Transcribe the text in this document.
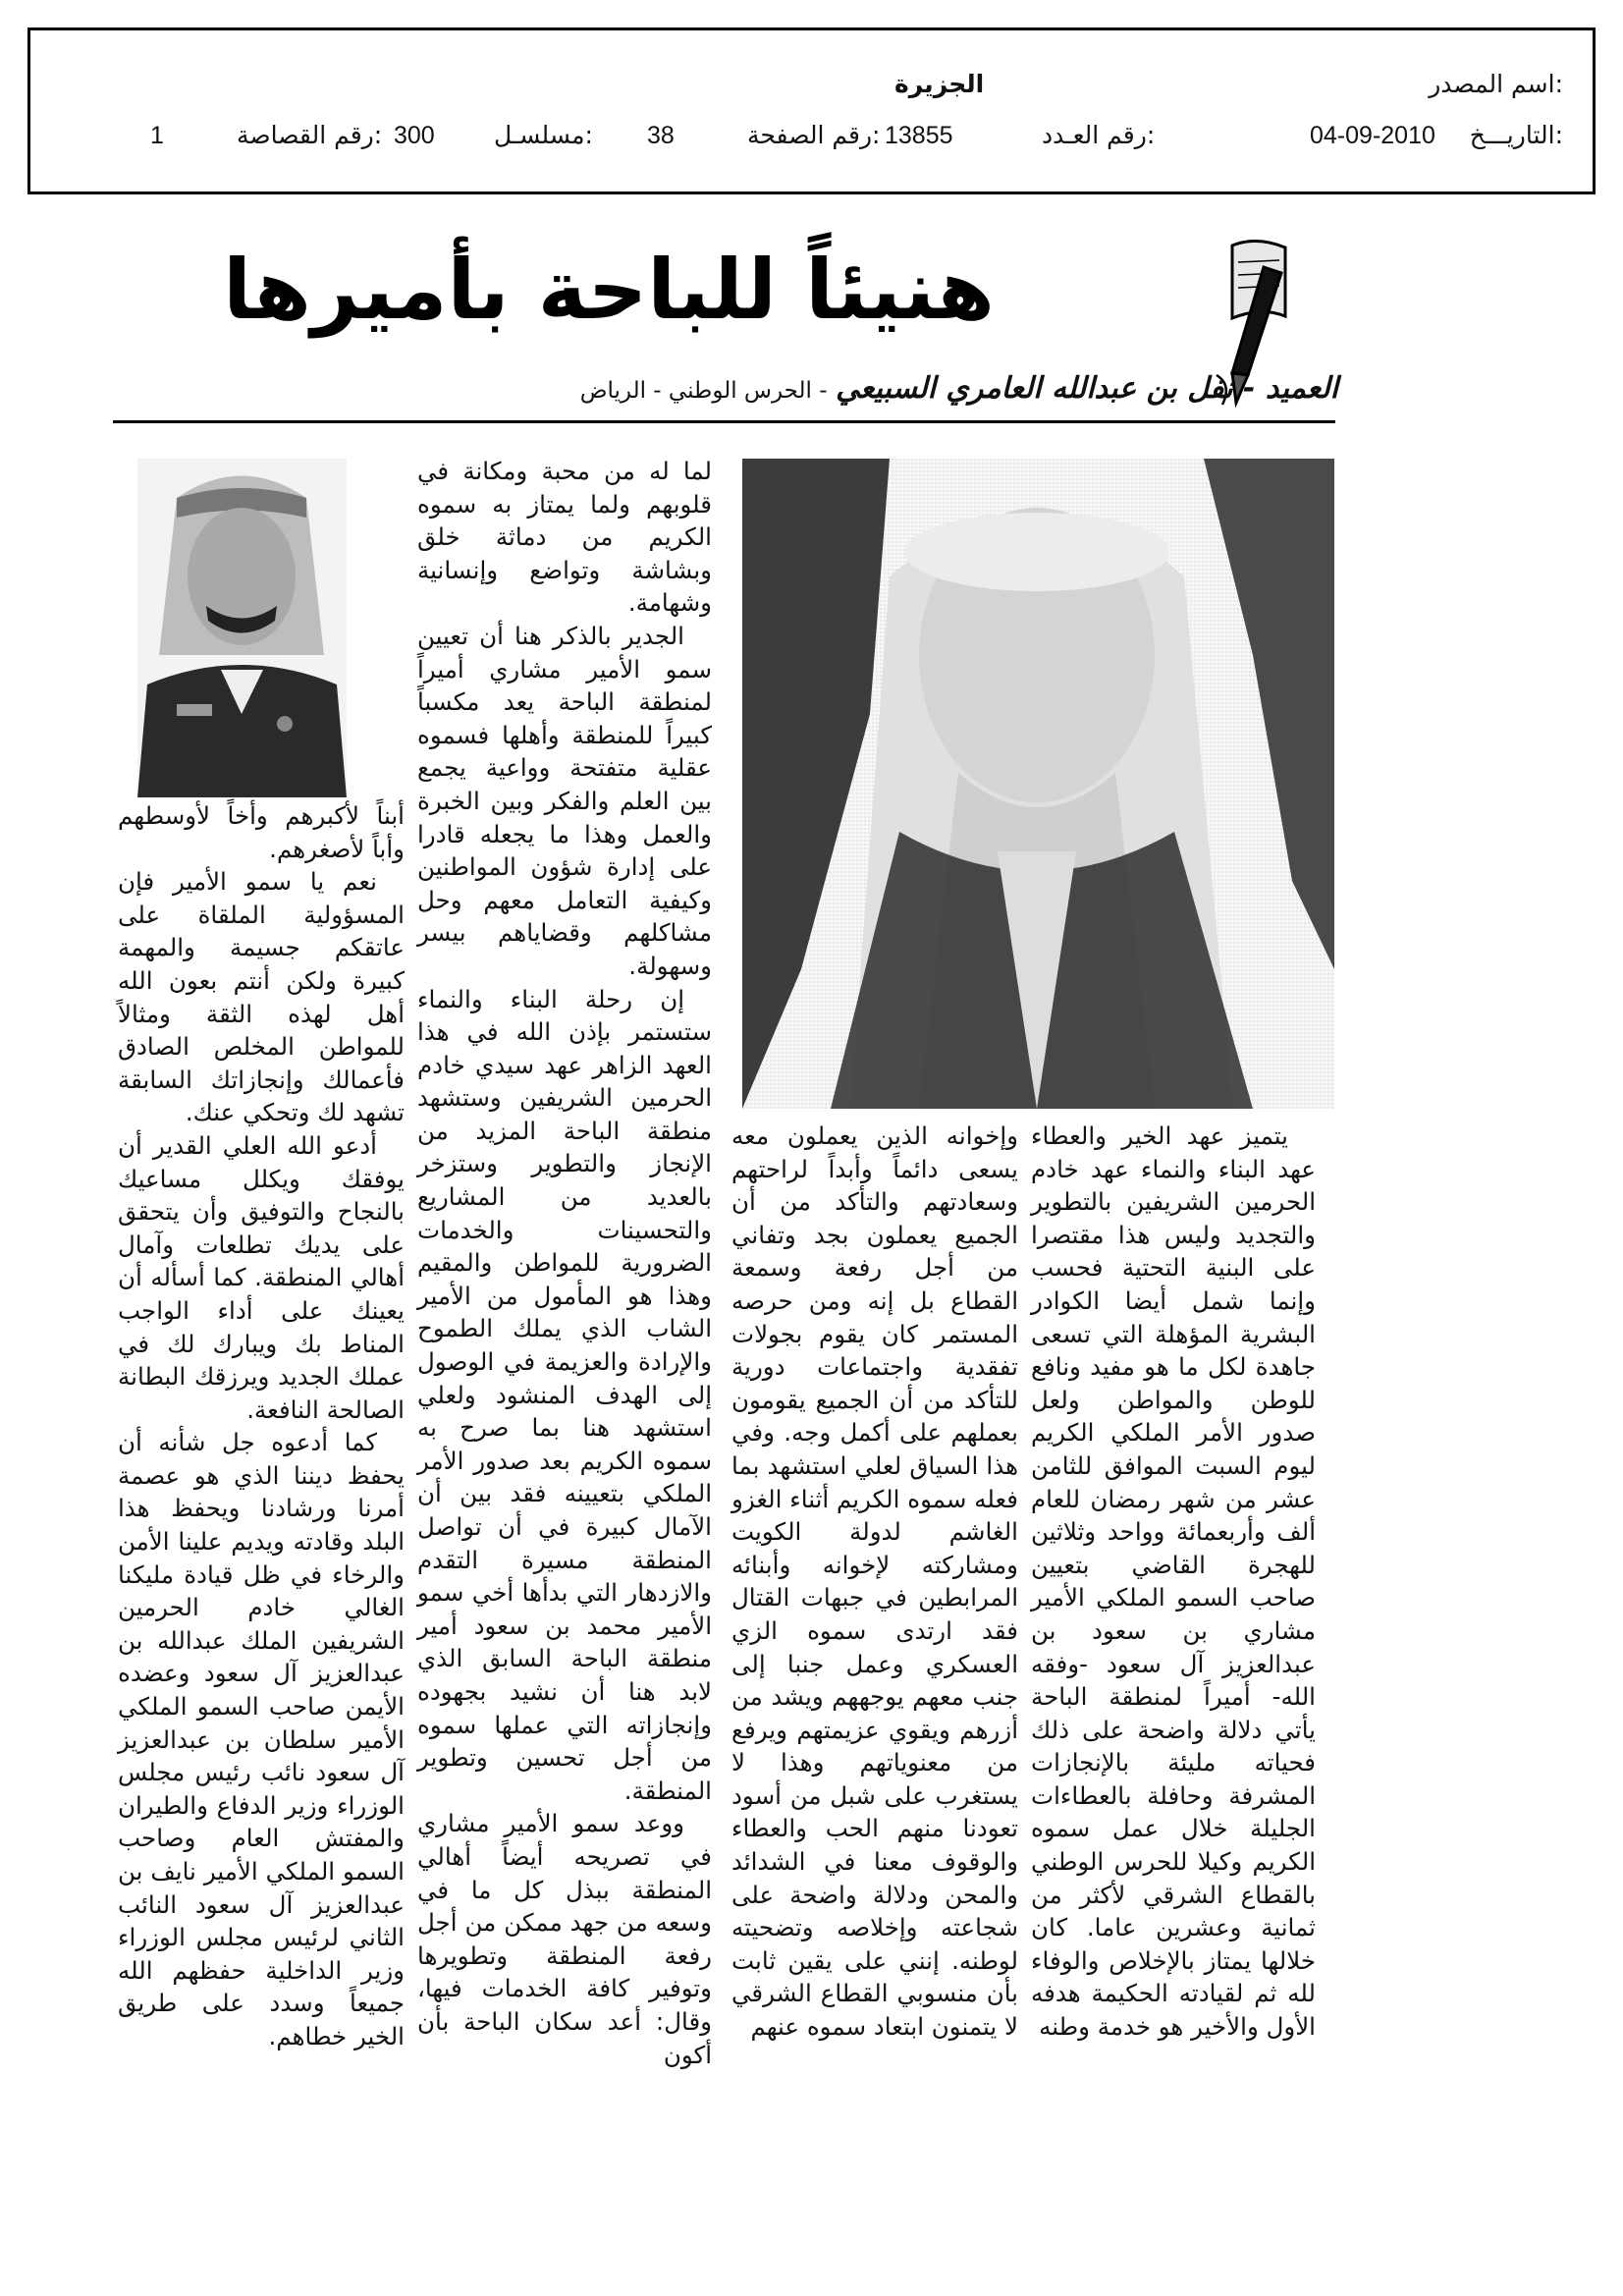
اسم المصدر:
الجزيرة
التاريـــخ:
04-09-2010
رقم العـدد:
13855
رقم الصفحة:
38
مسلسـل:
300
رقم القصاصة:
1
هنيئاً للباحة بأميرها
العميد - نفل بن عبدالله العامري السبيعي - الحرس الوطني - الرياض

يتميز عهد الخير والعطاء عهد البناء والنماء عهد خادم الحرمين الشريفين بالتطوير والتجديد وليس هذا مقتصرا على البنية التحتية فحسب وإنما شمل أيضا الكوادر البشرية المؤهلة التي تسعى جاهدة لكل ما هو مفيد ونافع للوطن والمواطن ولعل صدور الأمر الملكي الكريم ليوم السبت الموافق للثامن عشر من شهر رمضان للعام ألف وأربعمائة وواحد وثلاثين للهجرة القاضي بتعيين صاحب السمو الملكي الأمير مشاري بن سعود بن عبدالعزيز آل سعود -وفقه الله- أميراً لمنطقة الباحة يأتي دلالة واضحة على ذلك فحياته مليئة بالإنجازات المشرفة وحافلة بالعطاءات الجليلة خلال عمل سموه الكريم وكيلا للحرس الوطني بالقطاع الشرقي لأكثر من ثمانية وعشرين عاما. كان خلالها يمتاز بالإخلاص والوفاء لله ثم لقيادته الحكيمة هدفه الأول والأخير هو خدمة وطنه

وإخوانه الذين يعملون معه يسعى دائماً وأبداً لراحتهم وسعادتهم والتأكد من أن الجميع يعملون بجد وتفاني من أجل رفعة وسمعة القطاع بل إنه ومن حرصه المستمر كان يقوم بجولات تفقدية واجتماعات دورية للتأكد من أن الجميع يقومون بعملهم على أكمل وجه. وفي هذا السياق لعلي استشهد بما فعله سموه الكريم أثناء الغزو الغاشم لدولة الكويت ومشاركته لإخوانه وأبنائه المرابطين في جبهات القتال فقد ارتدى سموه الزي العسكري وعمل جنبا إلى جنب معهم يوجههم ويشد من أزرهم ويقوي عزيمتهم ويرفع من معنوياتهم وهذا لا يستغرب على شبل من أسود تعودنا منهم الحب والعطاء والوقوف معنا في الشدائد والمحن ودلالة واضحة على شجاعته وإخلاصه وتضحيته لوطنه. إنني على يقين ثابت بأن منسوبي القطاع الشرقي لا يتمنون ابتعاد سموه عنهم

لما له من محبة ومكانة في قلوبهم ولما يمتاز به سموه الكريم من دماثة خلق وبشاشة وتواضع وإنسانية وشهامة.

الجدير بالذكر هنا أن تعيين سمو الأمير مشاري أميراً لمنطقة الباحة يعد مكسباً كبيراً للمنطقة وأهلها فسموه عقلية متفتحة وواعية يجمع بين العلم والفكر وبين الخبرة والعمل وهذا ما يجعله قادرا على إدارة شؤون المواطنين وكيفية التعامل معهم وحل مشاكلهم وقضاياهم بيسر وسهولة.

إن رحلة البناء والنماء ستستمر بإذن الله في هذا العهد الزاهر عهد سيدي خادم الحرمين الشريفين وستشهد منطقة الباحة المزيد من الإنجاز والتطوير وستزخر بالعديد من المشاريع والتحسينات والخدمات الضرورية للمواطن والمقيم وهذا هو المأمول من الأمير الشاب الذي يملك الطموح والإرادة والعزيمة في الوصول إلى الهدف المنشود ولعلي استشهد هنا بما صرح به سموه الكريم بعد صدور الأمر الملكي بتعيينه فقد بين أن الآمال كبيرة في أن تواصل المنطقة مسيرة التقدم والازدهار التي بدأها أخي سمو الأمير محمد بن سعود أمير منطقة الباحة السابق الذي لابد هنا أن نشيد بجهوده وإنجازاته التي عملها سموه من أجل تحسين وتطوير المنطقة.

ووعد سمو الأمير مشاري في تصريحه أيضاً أهالي المنطقة ببذل كل ما في وسعه من جهد ممكن من أجل رفعة المنطقة وتطويرها وتوفير كافة الخدمات فيها، وقال: أعد سكان الباحة بأن أكون

أبناً لأكبرهم وأخاً لأوسطهم وأباً لأصغرهم.

نعم يا سمو الأمير فإن المسؤولية الملقاة على عاتقكم جسيمة والمهمة كبيرة ولكن أنتم بعون الله أهل لهذه الثقة ومثالاً للمواطن المخلص الصادق فأعمالك وإنجازاتك السابقة تشهد لك وتحكي عنك.

أدعو الله العلي القدير أن يوفقك ويكلل مساعيك بالنجاح والتوفيق وأن يتحقق على يديك تطلعات وآمال أهالي المنطقة. كما أسأله أن يعينك على أداء الواجب المناط بك ويبارك لك في عملك الجديد ويرزقك البطانة الصالحة النافعة.

كما أدعوه جل شأنه أن يحفظ ديننا الذي هو عصمة أمرنا ورشادنا ويحفظ هذا البلد وقادته ويديم علينا الأمن والرخاء في ظل قيادة مليكنا الغالي خادم الحرمين الشريفين الملك عبدالله بن عبدالعزيز آل سعود وعضده الأيمن صاحب السمو الملكي الأمير سلطان بن عبدالعزيز آل سعود نائب رئيس مجلس الوزراء وزير الدفاع والطيران والمفتش العام وصاحب السمو الملكي الأمير نايف بن عبدالعزيز آل سعود النائب الثاني لرئيس مجلس الوزراء وزير الداخلية حفظهم الله جميعاً وسدد على طريق الخير خطاهم.
